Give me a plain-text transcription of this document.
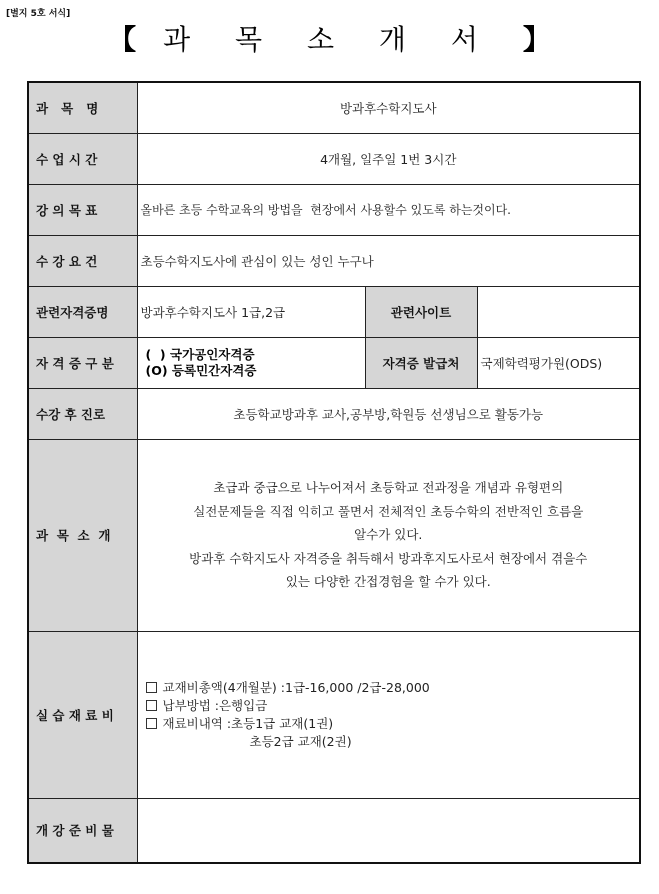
[별지 5호 서식]
【 과 목 소 개 서 】
과   목   명	방과후수학지도사		
수 업 시 간	4개월, 일주일 1번 3시간		
강 의 목 표	올바른 초등 수학교육의 방법을  현장에서 사용할수 있도록 하는것이다.		
수 강 요 건	초등수학지도사에 관심이 있는 성인 누구나		
관련자격증명	방과후수학지도사 1급,2급	관련사이트	
자 격 증 구 분	(  ) 국가공인자격증
(O) 등록민간자격증	자격증 발급처	국제학력평가원(ODS)
수강 후 진로	초등학교방과후 교사,공부방,학원등 선생님으로 활동가능		
과  목  소  개	초급과 중급으로 나누어져서 초등학교 전과정을 개념과 유형편의
실전문제들을 직접 익히고 풀면서 전체적인 초등수학의 전반적인 흐름을
알수가 있다.
방과후 수학지도사 자격증을 취득해서 방과후지도사로서 현장에서 겪을수
있는 다양한 간접경험을 할 수가 있다.		

실 습 재 료 비	교재비총액(4개월분) :1급-16,000 /2급-28,000
납부방법 :은행입금
재료비내역 :초등1급 교재(1권)
초등2급 교재(2권)		

개 강 준 비 물			
